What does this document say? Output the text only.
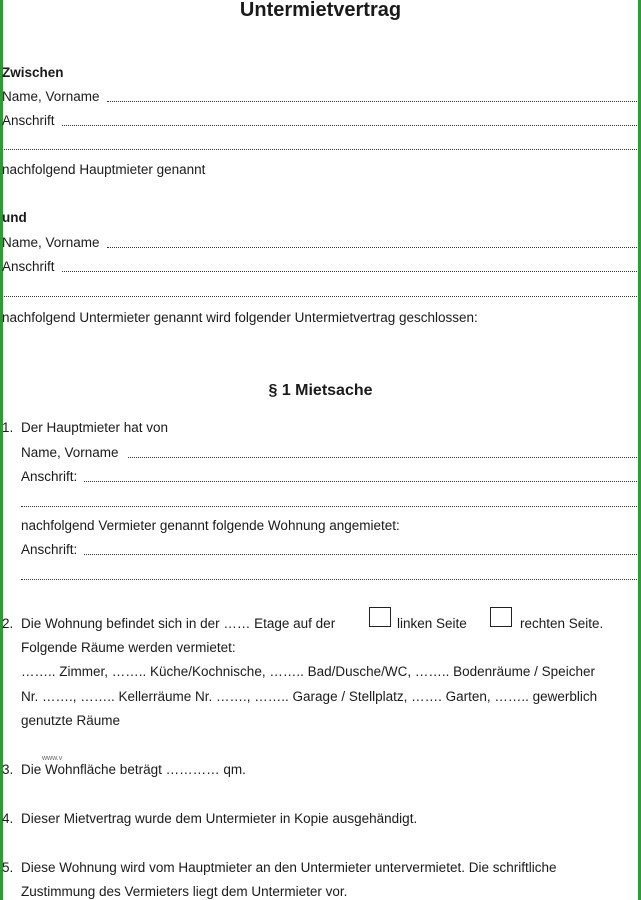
Untermietvertrag
Zwischen
Name, Vorname
Anschrift
nachfolgend Hauptmieter genannt
und
Name, Vorname
Anschrift
nachfolgend Untermieter genannt wird folgender Untermietvertrag geschlossen:
§ 1 Mietsache
1. Der Hauptmieter hat von
Name, Vorname
Anschrift:
nachfolgend Vermieter genannt folgende Wohnung angemietet:
Anschrift:
2. Die Wohnung befindet sich in der …… Etage auf der	linken Seite	rechten Seite.
Folgende Räume werden vermietet:
…….. Zimmer, …….. Küche/Kochnische, …….. Bad/Dusche/WC, …….. Bodenräume / Speicher
Nr. ……., …….. Kellerräume Nr. ……., …….. Garage / Stellplatz, ……. Garten, …….. gewerblich
genutzte Räume
www.v
3. Die Wohnfläche beträgt ………… qm.
4. Dieser Mietvertrag wurde dem Untermieter in Kopie ausgehändigt.
5. Diese Wohnung wird vom Hauptmieter an den Untermieter untervermietet. Die schriftliche
Zustimmung des Vermieters liegt dem Untermieter vor.
